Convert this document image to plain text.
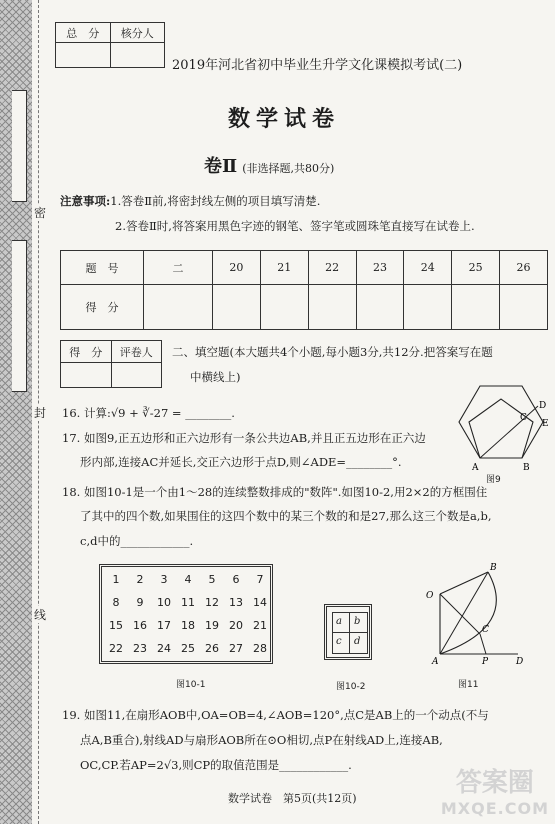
密
封
线
总　分	核分人

2019年河北省初中毕业生升学文化课模拟考试(二)
数学试卷
卷Ⅱ (非选择题,共80分)
注意事项:1.答卷Ⅱ前,将密封线左侧的项目填写清楚.
2.答卷Ⅱ时,将答案用黑色字迹的钢笔、签字笔或圆珠笔直接写在试卷上.
题　号	二	20	21	22	23	24	25	26
得　分								
得　分	评卷人
	二、填空题(本大题共4个小题,每小题3分,共12分.把答案写在题
中横线上)
16. 计算:√9 + ∛-27 = ________.
17. 如图9,正五边形和正六边形有一条公共边AB,并且正五边形在正六边
形内部,连接AC并延长,交正六边形于点D,则∠ADE=________°.	A	B
C
D
E
图9
18. 如图10-1是一个由1～28的连续整数排成的"数阵".如图10-2,用2×2的方框围住
了其中的四个数,如果围住的这四个数中的某三个数的和是27,那么这三个数是a,b,
c,d中的____________.
1	2	3	4	5	6	7
8	9	10 11 12 13 14
15 16 17 18 19 20 21
22 23 24 25 26 27 28
图10-1
a b
c d
图10-2
O
B
C
A	P	D
图11
19. 如图11,在扇形AOB中,OA=OB=4,∠AOB=120°,点C是AB上的一个动点(不与
点A,B重合),射线AD与扇形AOB所在⊙O相切,点P在射线AD上,连接AB,
OC,CP.若AP=2√3,则CP的取值范围是____________.
数学试卷　第5页(共12页)
答案圈
MXQE.COM
